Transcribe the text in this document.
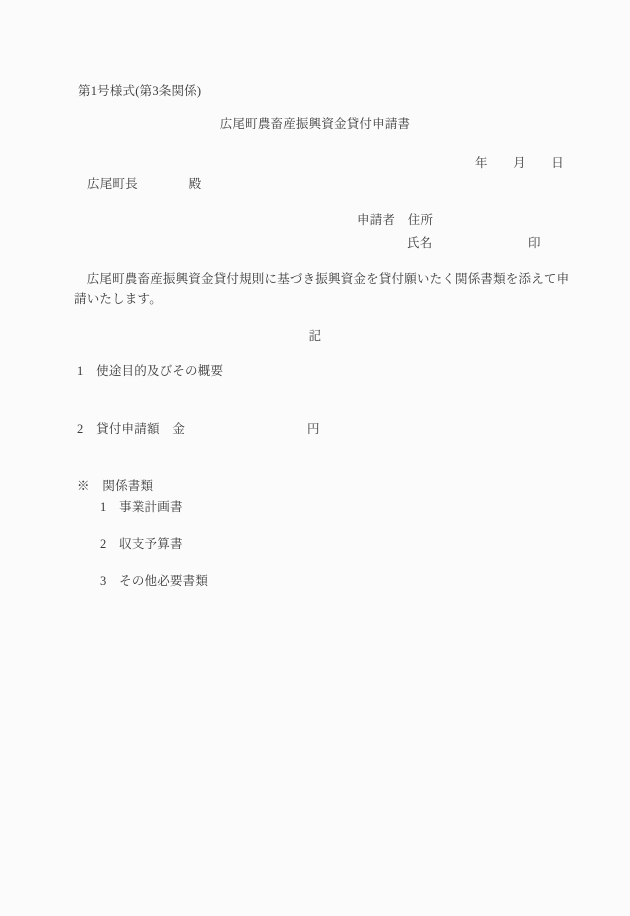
第1号様式(第3条関係)
広尾町農畜産振興資金貸付申請書
年　　月　　日
広尾町長　　　　殿
申請者　住所
氏名	印
　広尾町農畜産振興資金貸付規則に基づき振興資金を貸付願いたく関係書類を添えて申請いたします。
記
1　使途目的及びその概要
2　貸付申請額　金	円
※　関係書類
1　事業計画書
2　収支予算書
3　その他必要書類
